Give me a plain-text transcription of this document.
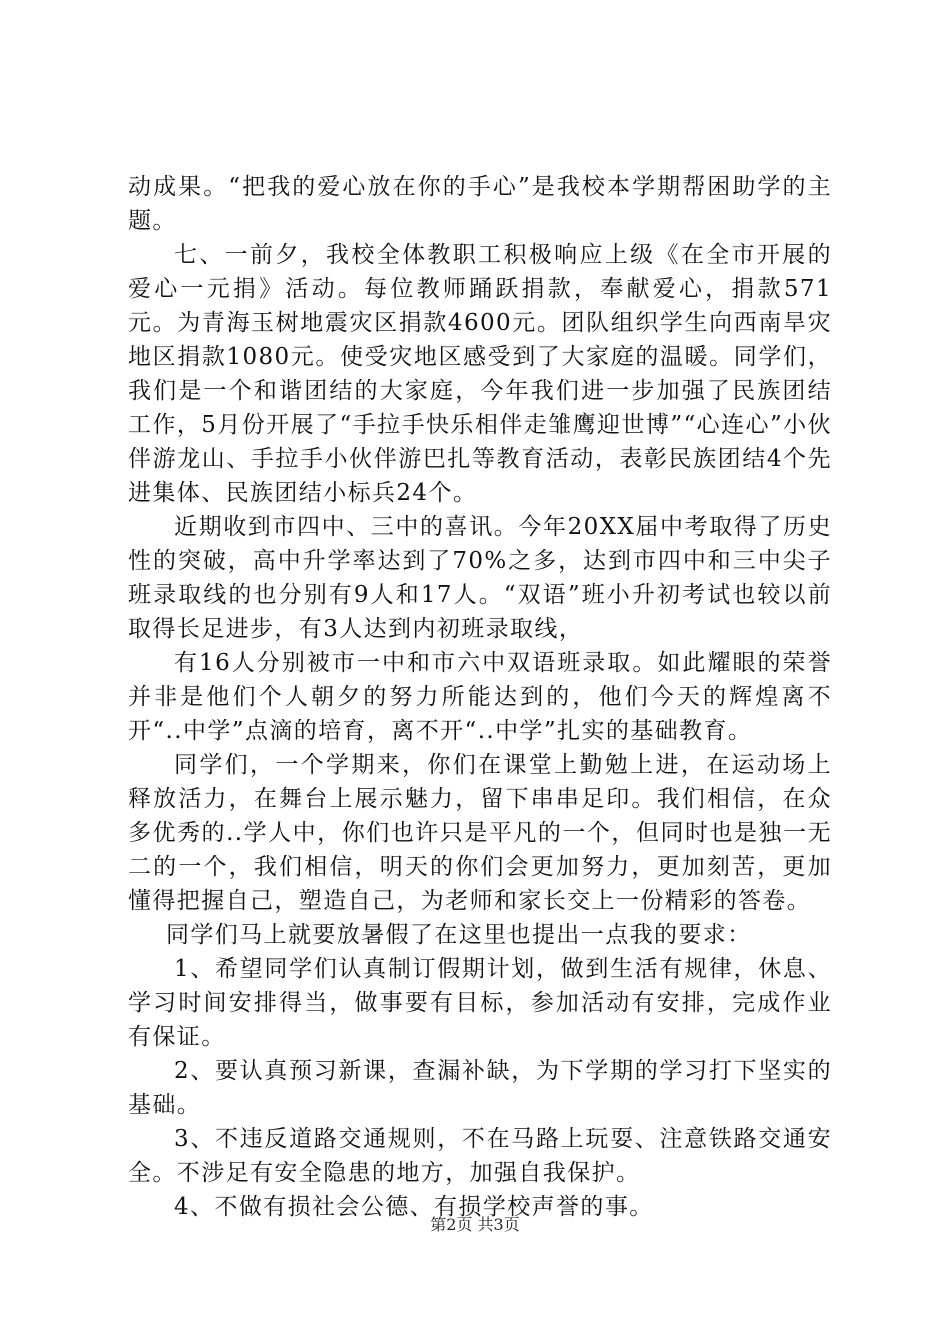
动成果。“把我的爱心放在你的手心”是我校本学期帮困助学的主题。

七、一前夕，我校全体教职工积极响应上级《在全市开展的爱心一元捐》活动。每位教师踊跃捐款，奉献爱心，捐款571元。为青海玉树地震灾区捐款4600元。团队组织学生向西南旱灾地区捐款1080元。使受灾地区感受到了大家庭的温暖。同学们，我们是一个和谐团结的大家庭，今年我们进一步加强了民族团结工作，5月份开展了“手拉手快乐相伴走雏鹰迎世博”“心连心”小伙伴游龙山、手拉手小伙伴游巴扎等教育活动，表彰民族团结4个先进集体、民族团结小标兵24个。

近期收到市四中、三中的喜讯。今年20XX届中考取得了历史性的突破，高中升学率达到了70%之多，达到市四中和三中尖子班录取线的也分别有9人和17人。“双语”班小升初考试也较以前取得长足进步，有3人达到内初班录取线，

有16人分别被市一中和市六中双语班录取。如此耀眼的荣誉并非是他们个人朝夕的努力所能达到的，他们今天的辉煌离不开“..中学”点滴的培育，离不开“..中学”扎实的基础教育。

同学们，一个学期来，你们在课堂上勤勉上进，在运动场上释放活力，在舞台上展示魅力，留下串串足印。我们相信，在众多优秀的..学人中，你们也许只是平凡的一个，但同时也是独一无二的一个，我们相信，明天的你们会更加努力，更加刻苦，更加懂得把握自己，塑造自己，为老师和家长交上一份精彩的答卷。

同学们马上就要放暑假了在这里也提出一点我的要求：

1、希望同学们认真制订假期计划，做到生活有规律，休息、学习时间安排得当，做事要有目标，参加活动有安排，完成作业有保证。

2、要认真预习新课，查漏补缺，为下学期的学习打下坚实的基础。

3、不违反道路交通规则，不在马路上玩耍、注意铁路交通安全。不涉足有安全隐患的地方，加强自我保护。

4、不做有损社会公德、有损学校声誉的事。

第2页 共3页
